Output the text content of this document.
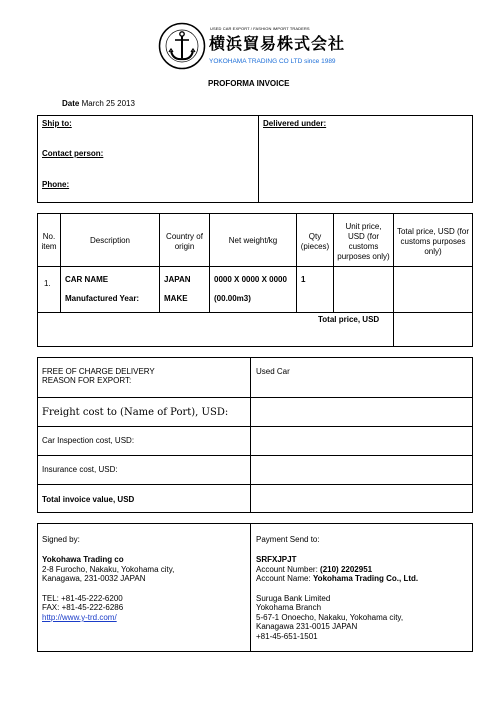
USED CAR EXPORT / FASHION IMPORT TRADERS
横浜貿易株式会社
YOKOHAMA TRADING CO LTD since 1989
PROFORMA INVOICE
Date March 25 2013
Ship to:
Contact person:
Phone:
Delivered under:
No. item
Description	Country of origin
Net weight/kg	Qty (pieces)
Unit price, USD (for customs purposes only)
Total price, USD (for customs purposes only)
1. CAR NAME
Manufactured Year:
JAPAN
MAKE
0000 X 0000 X 0000
(00.00m3)
1
Total price, USD
FREE OF CHARGE DELIVERY
REASON FOR EXPORT:
Used Car
Freight cost to (Name of Port), USD:
Car Inspection cost, USD:
Insurance cost, USD:
Total invoice value, USD
Signed by:
Yokohawa Trading co
2-8 Furocho, Nakaku, Yokohama city,
Kanagawa, 231-0032 JAPAN
TEL: +81-45-222-6200
FAX: +81-45-222-6286
http://www.y-trd.com/
Payment Send to:
SRFXJPJT
Account Number: (210) 2202951
Account Name: Yokohama Trading Co., Ltd.
Suruga Bank Limited
Yokohama Branch
5-67-1 Onoecho, Nakaku, Yokohama city,
Kanagawa 231-0015 JAPAN
+81-45-651-1501
